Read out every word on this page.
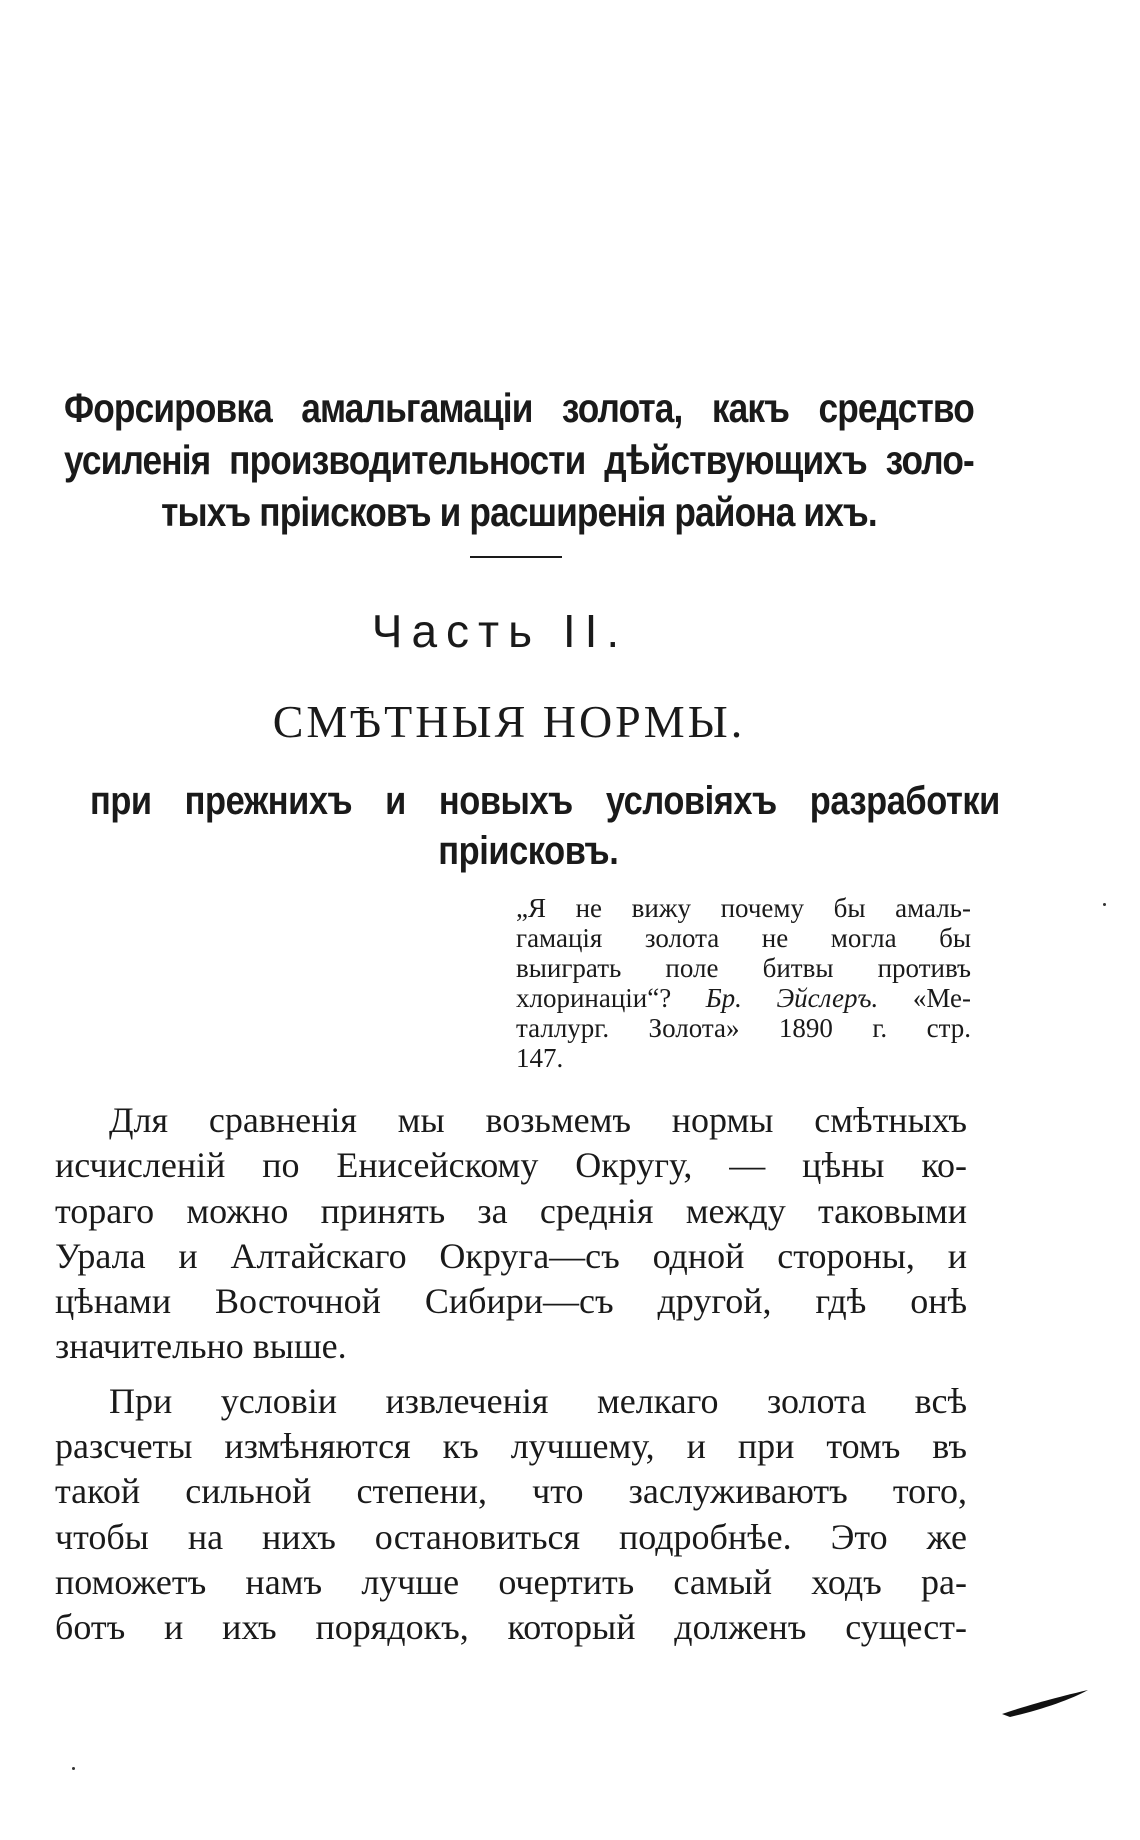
Форсировка амальгамаціи золота, какъ средство
усиленія производительности дѣйствующихъ золо-
тыхъ пріисковъ и расширенія района ихъ.
Часть II.
СМѢТНЫЯ НОРМЫ.
при прежнихъ и новыхъ условіяхъ разработки
пріисковъ.
„Я не вижу почему бы амаль-
гамація золота не могла бы
выиграть поле битвы противъ
хлоринаціи“? Бр. Эйслеръ. «Ме-
таллург. Золота» 1890 г. стр.
147.
Для сравненія мы возьмемъ нормы смѣтныхъ
исчисленій по Енисейскому Округу, — цѣны ко-
тораго можно принять за среднія между таковыми
Урала и Алтайскаго Округа—съ одной стороны, и
цѣнами Восточной Сибири—съ другой, гдѣ онѣ
значительно выше.
При условіи извлеченія мелкаго золота всѣ
разсчеты измѣняются къ лучшему, и при томъ въ
такой сильной степени, что заслуживаютъ того,
чтобы на нихъ остановиться подробнѣе. Это же
поможетъ намъ лучше очертить самый ходъ ра-
ботъ и ихъ порядокъ, который долженъ сущест-
